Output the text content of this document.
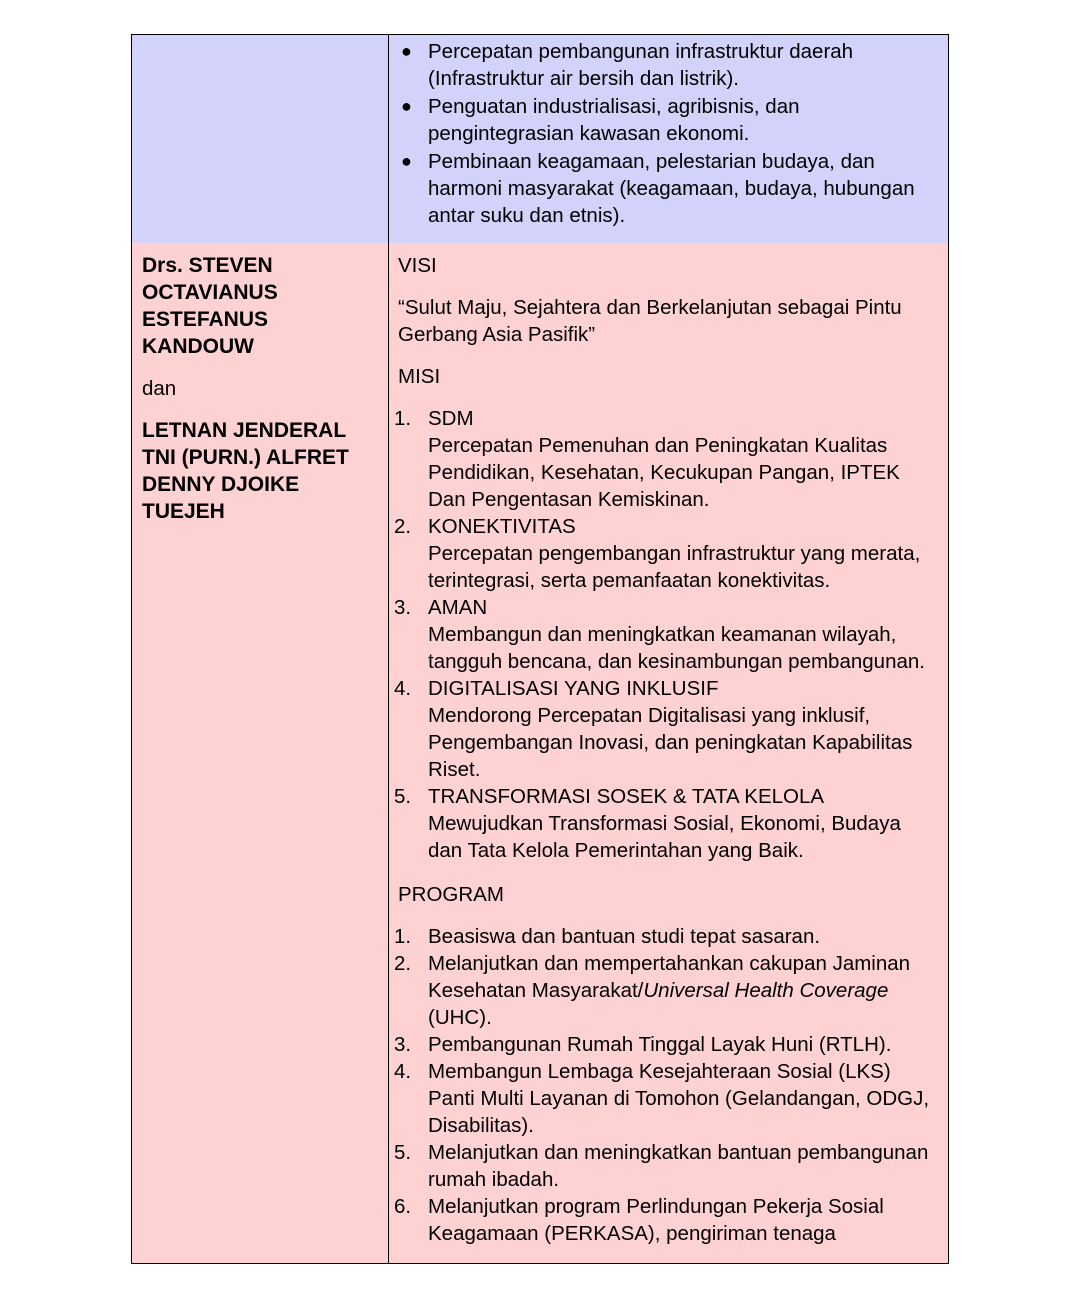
● Percepatan pembangunan infrastruktur daerah (Infrastruktur air bersih dan listrik).
● Penguatan industrialisasi, agribisnis, dan pengintegrasian kawasan ekonomi.
● Pembinaan keagamaan, pelestarian budaya, dan harmoni masyarakat (keagamaan, budaya, hubungan antar suku dan etnis).
Drs. STEVEN
OCTAVIANUS
ESTEFANUS
KANDOUW
dan
LETNAN JENDERAL
TNI (PURN.) ALFRET
DENNY DJOIKE
TUEJEH
VISI
“Sulut Maju, Sejahtera dan Berkelanjutan sebagai Pintu Gerbang Asia Pasifik”
MISI
1. SDM
Percepatan Pemenuhan dan Peningkatan Kualitas Pendidikan, Kesehatan, Kecukupan Pangan, IPTEK Dan Pengentasan Kemiskinan.
2. KONEKTIVITAS
Percepatan pengembangan infrastruktur yang merata, terintegrasi, serta pemanfaatan konektivitas.
3. AMAN
Membangun dan meningkatkan keamanan wilayah, tangguh bencana, dan kesinambungan pembangunan.
4. DIGITALISASI YANG INKLUSIF
Mendorong Percepatan Digitalisasi yang inklusif, Pengembangan Inovasi, dan peningkatan Kapabilitas Riset.
5. TRANSFORMASI SOSEK & TATA KELOLA
Mewujudkan Transformasi Sosial, Ekonomi, Budaya dan Tata Kelola Pemerintahan yang Baik.
PROGRAM
1. Beasiswa dan bantuan studi tepat sasaran.
2. Melanjutkan dan mempertahankan cakupan Jaminan Kesehatan Masyarakat/Universal Health Coverage (UHC).
3. Pembangunan Rumah Tinggal Layak Huni (RTLH).
4. Membangun Lembaga Kesejahteraan Sosial (LKS) Panti Multi Layanan di Tomohon (Gelandangan, ODGJ, Disabilitas).
5. Melanjutkan dan meningkatkan bantuan pembangunan rumah ibadah.
6. Melanjutkan program Perlindungan Pekerja Sosial Keagamaan (PERKASA), pengiriman tenaga
